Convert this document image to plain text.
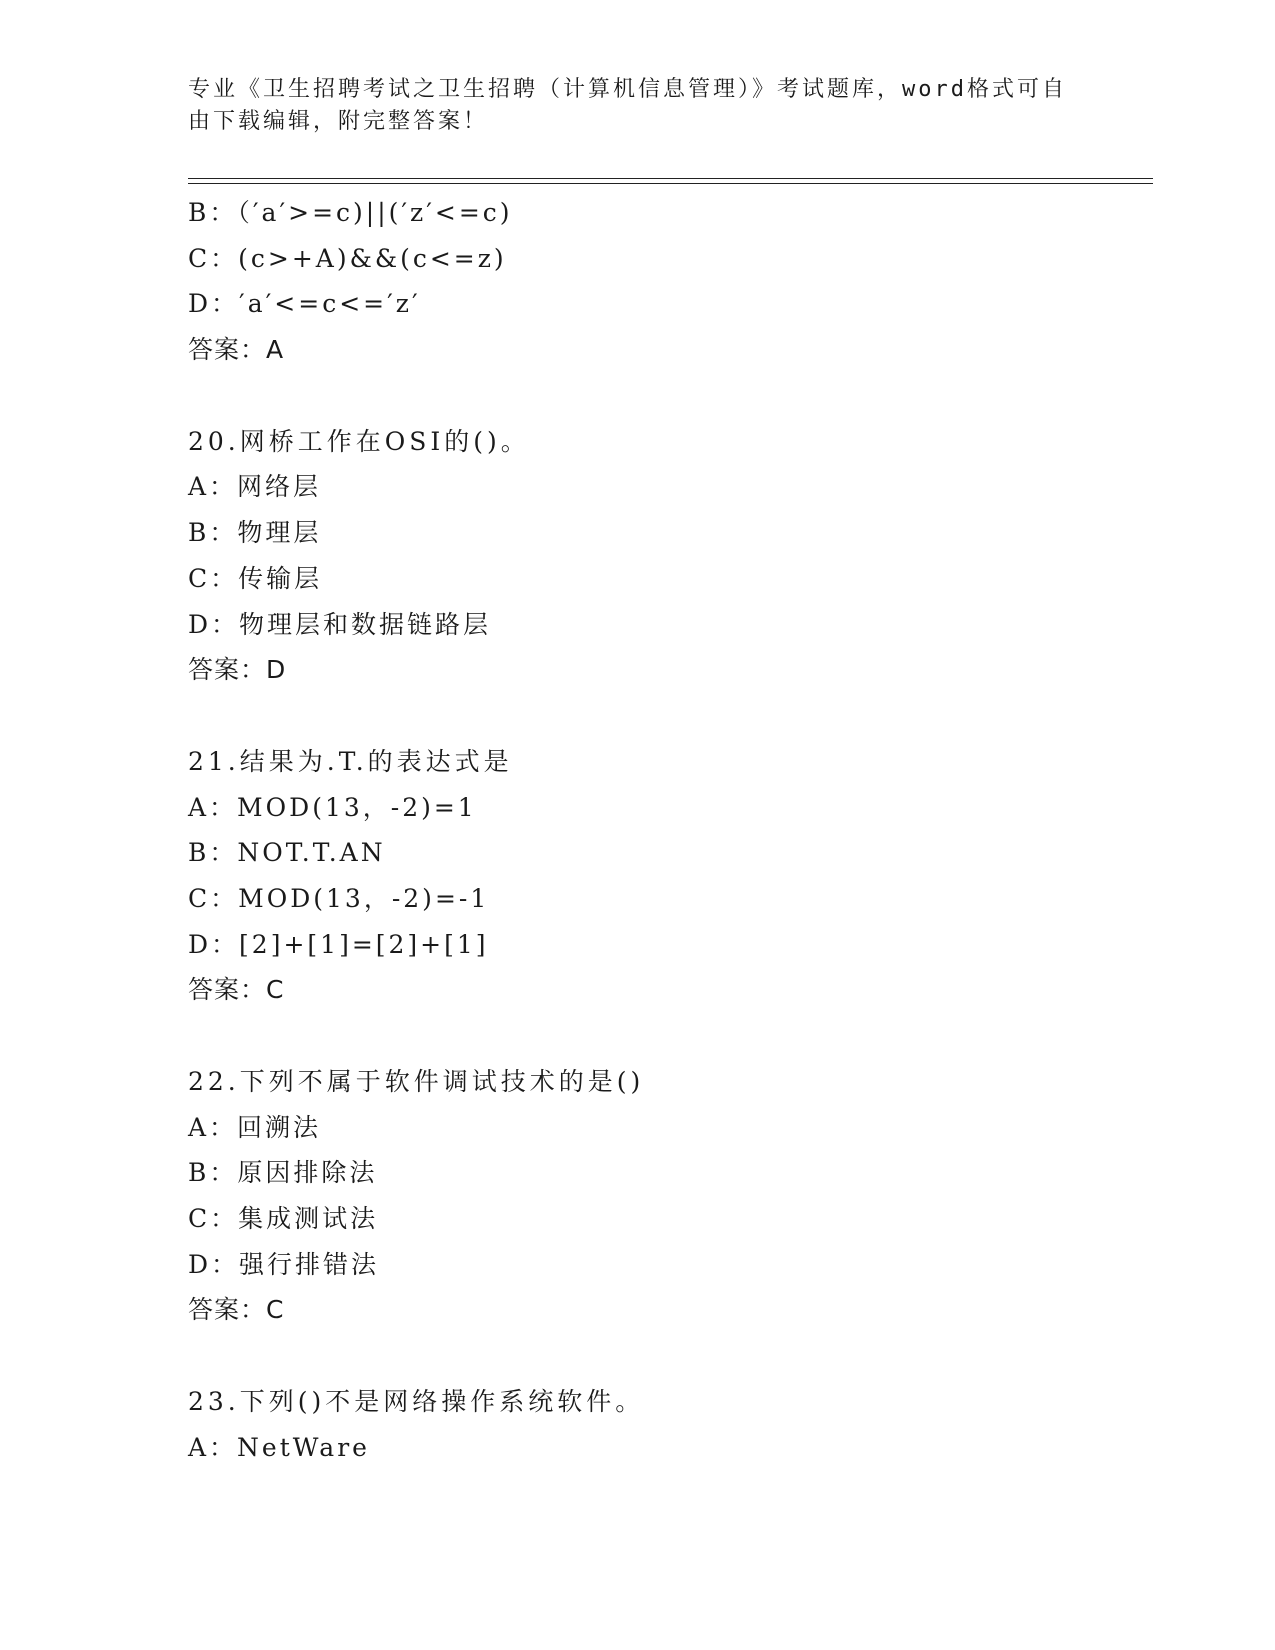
专业《卫生招聘考试之卫生招聘（计算机信息管理）》考试题库，word格式可自
由下载编辑，附完整答案！
B：（′a′>=c)||(′z′<=c)
C：(c>+A)&&(c<=z)
D：′a′<=c<=′z′
答案：A
20.网桥工作在OSI的()。
A：网络层
B：物理层
C：传输层
D：物理层和数据链路层
答案：D
21.结果为.T.的表达式是
A：MOD(13，-2)=1
B：NOT.T.AN
C：MOD(13，-2)=-1
D：[2]+[1]=[2]+[1]
答案：C
22.下列不属于软件调试技术的是()
A：回溯法
B：原因排除法
C：集成测试法
D：强行排错法
答案：C
23.下列()不是网络操作系统软件。
A：NetWare
